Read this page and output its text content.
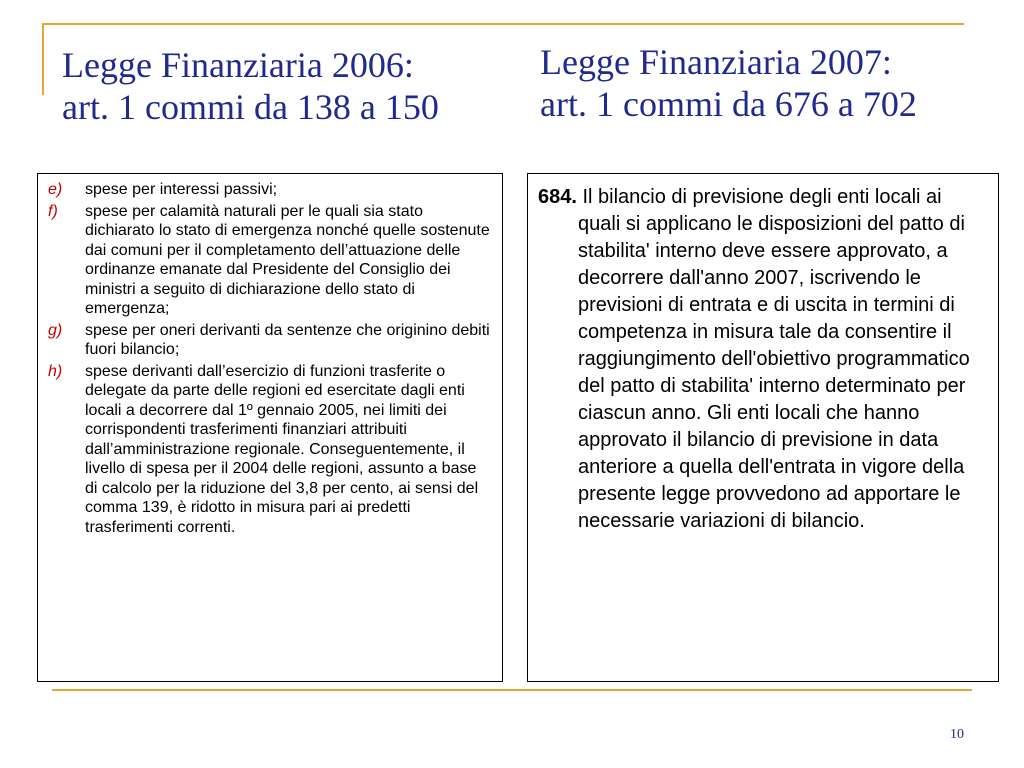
Legge Finanziaria 2006:
art. 1 commi da 138 a 150
Legge Finanziaria 2007:
art. 1 commi da 676 a 702
e)	spese per interessi passivi;
f)	spese per calamità naturali per le quali sia stato dichiarato lo stato di emergenza nonché quelle sostenute dai comuni per il completamento dell’attuazione delle ordinanze emanate dal Presidente del Consiglio dei ministri a seguito di dichiarazione dello stato di emergenza;
g)	spese per oneri derivanti da sentenze che originino debiti fuori bilancio;
h)	spese derivanti dall’esercizio di funzioni trasferite o delegate da parte delle regioni ed esercitate dagli enti locali a decorrere dal 1º gennaio 2005, nei limiti dei corrispondenti trasferimenti finanziari attribuiti dall’amministrazione regionale. Conseguentemente, il livello di spesa per il 2004 delle regioni, assunto a base di calcolo per la riduzione del 3,8 per cento, ai sensi del comma 139, è ridotto in misura pari ai predetti trasferimenti correnti.
684. Il bilancio di previsione degli enti locali ai quali si applicano le disposizioni del patto di stabilita' interno deve essere approvato, a decorrere dall'anno 2007, iscrivendo le previsioni di entrata e di uscita in termini di competenza in misura tale da consentire il raggiungimento dell'obiettivo programmatico del patto di stabilita' interno determinato per ciascun anno. Gli enti locali che hanno approvato il bilancio di previsione in data anteriore a quella dell'entrata in vigore della presente legge provvedono ad apportare le necessarie variazioni di bilancio.
10
